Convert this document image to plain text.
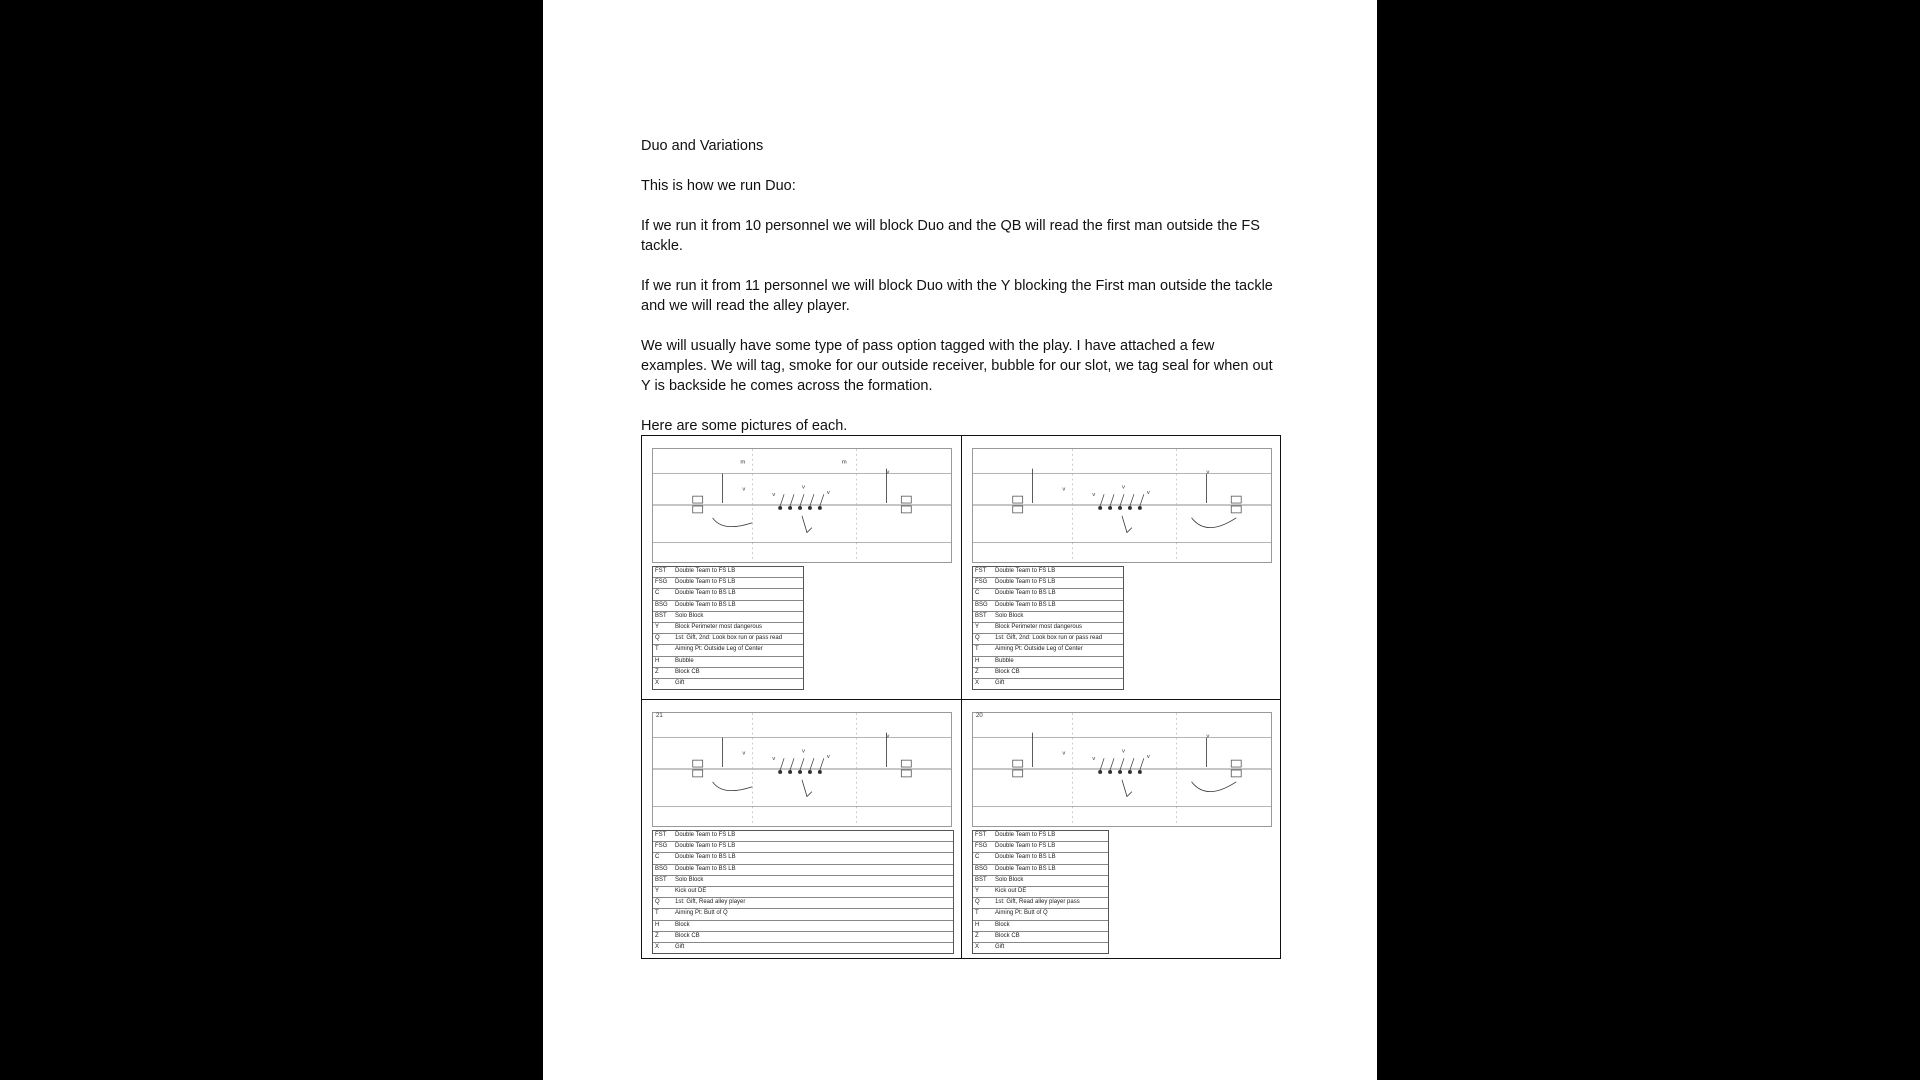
Duo and Variations

This is how we run Duo:

If we run it from 10 personnel we will block Duo and the QB will read the first man outside the FS tackle.

If we run it from 11 personnel we will block Duo with the Y blocking the First man outside the tackle and we will read the alley player.

We will usually have some type of pass option tagged with the play. I have attached a few examples. We will tag, smoke for our outside receiver, bubble for our slot, we tag seal for when out Y is backside he comes across the formation.

Here are some pictures of each.

v	v
v
v
v
m	m
FST	Double Team to FS LB
FSG	Double Team to FS LB
C	Double Team to BS LB
BSG	Double Team to BS LB
BST	Solo Block
Y	Block Perimeter most dangerous
Q	1st: Gift, 2nd: Look box run or pass read
T	Aiming Pt: Outside Leg of Center
H	Bubble
Z	Block CB
X	Gift
v	v
v
v
v
FST	Double Team to FS LB
FSG	Double Team to FS LB
C	Double Team to BS LB
BSG	Double Team to BS LB
BST	Solo Block
Y	Block Perimeter most dangerous
Q	1st: Gift, 2nd: Look box run or pass read
T	Aiming Pt: Outside Leg of Center
H	Bubble
Z	Block CB
X	Gift
v	v
v
v
v
21
FST	Double Team to FS LB
FSG	Double Team to FS LB
C	Double Team to BS LB
BSG	Double Team to BS LB
BST	Solo Block
Y	Kick out DE
Q	1st: Gift, Read alley player
T	Aiming Pt: Butt of Q
H	Block
Z	Block CB
X	Gift
v	v
v
v
v
20
FST	Double Team to FS LB
FSG	Double Team to FS LB
C	Double Team to BS LB
BSG	Double Team to BS LB
BST	Solo Block
Y	Kick out DE
Q	1st: Gift, Read alley player pass
T	Aiming Pt: Butt of Q
H	Block
Z	Block CB
X	Gift
